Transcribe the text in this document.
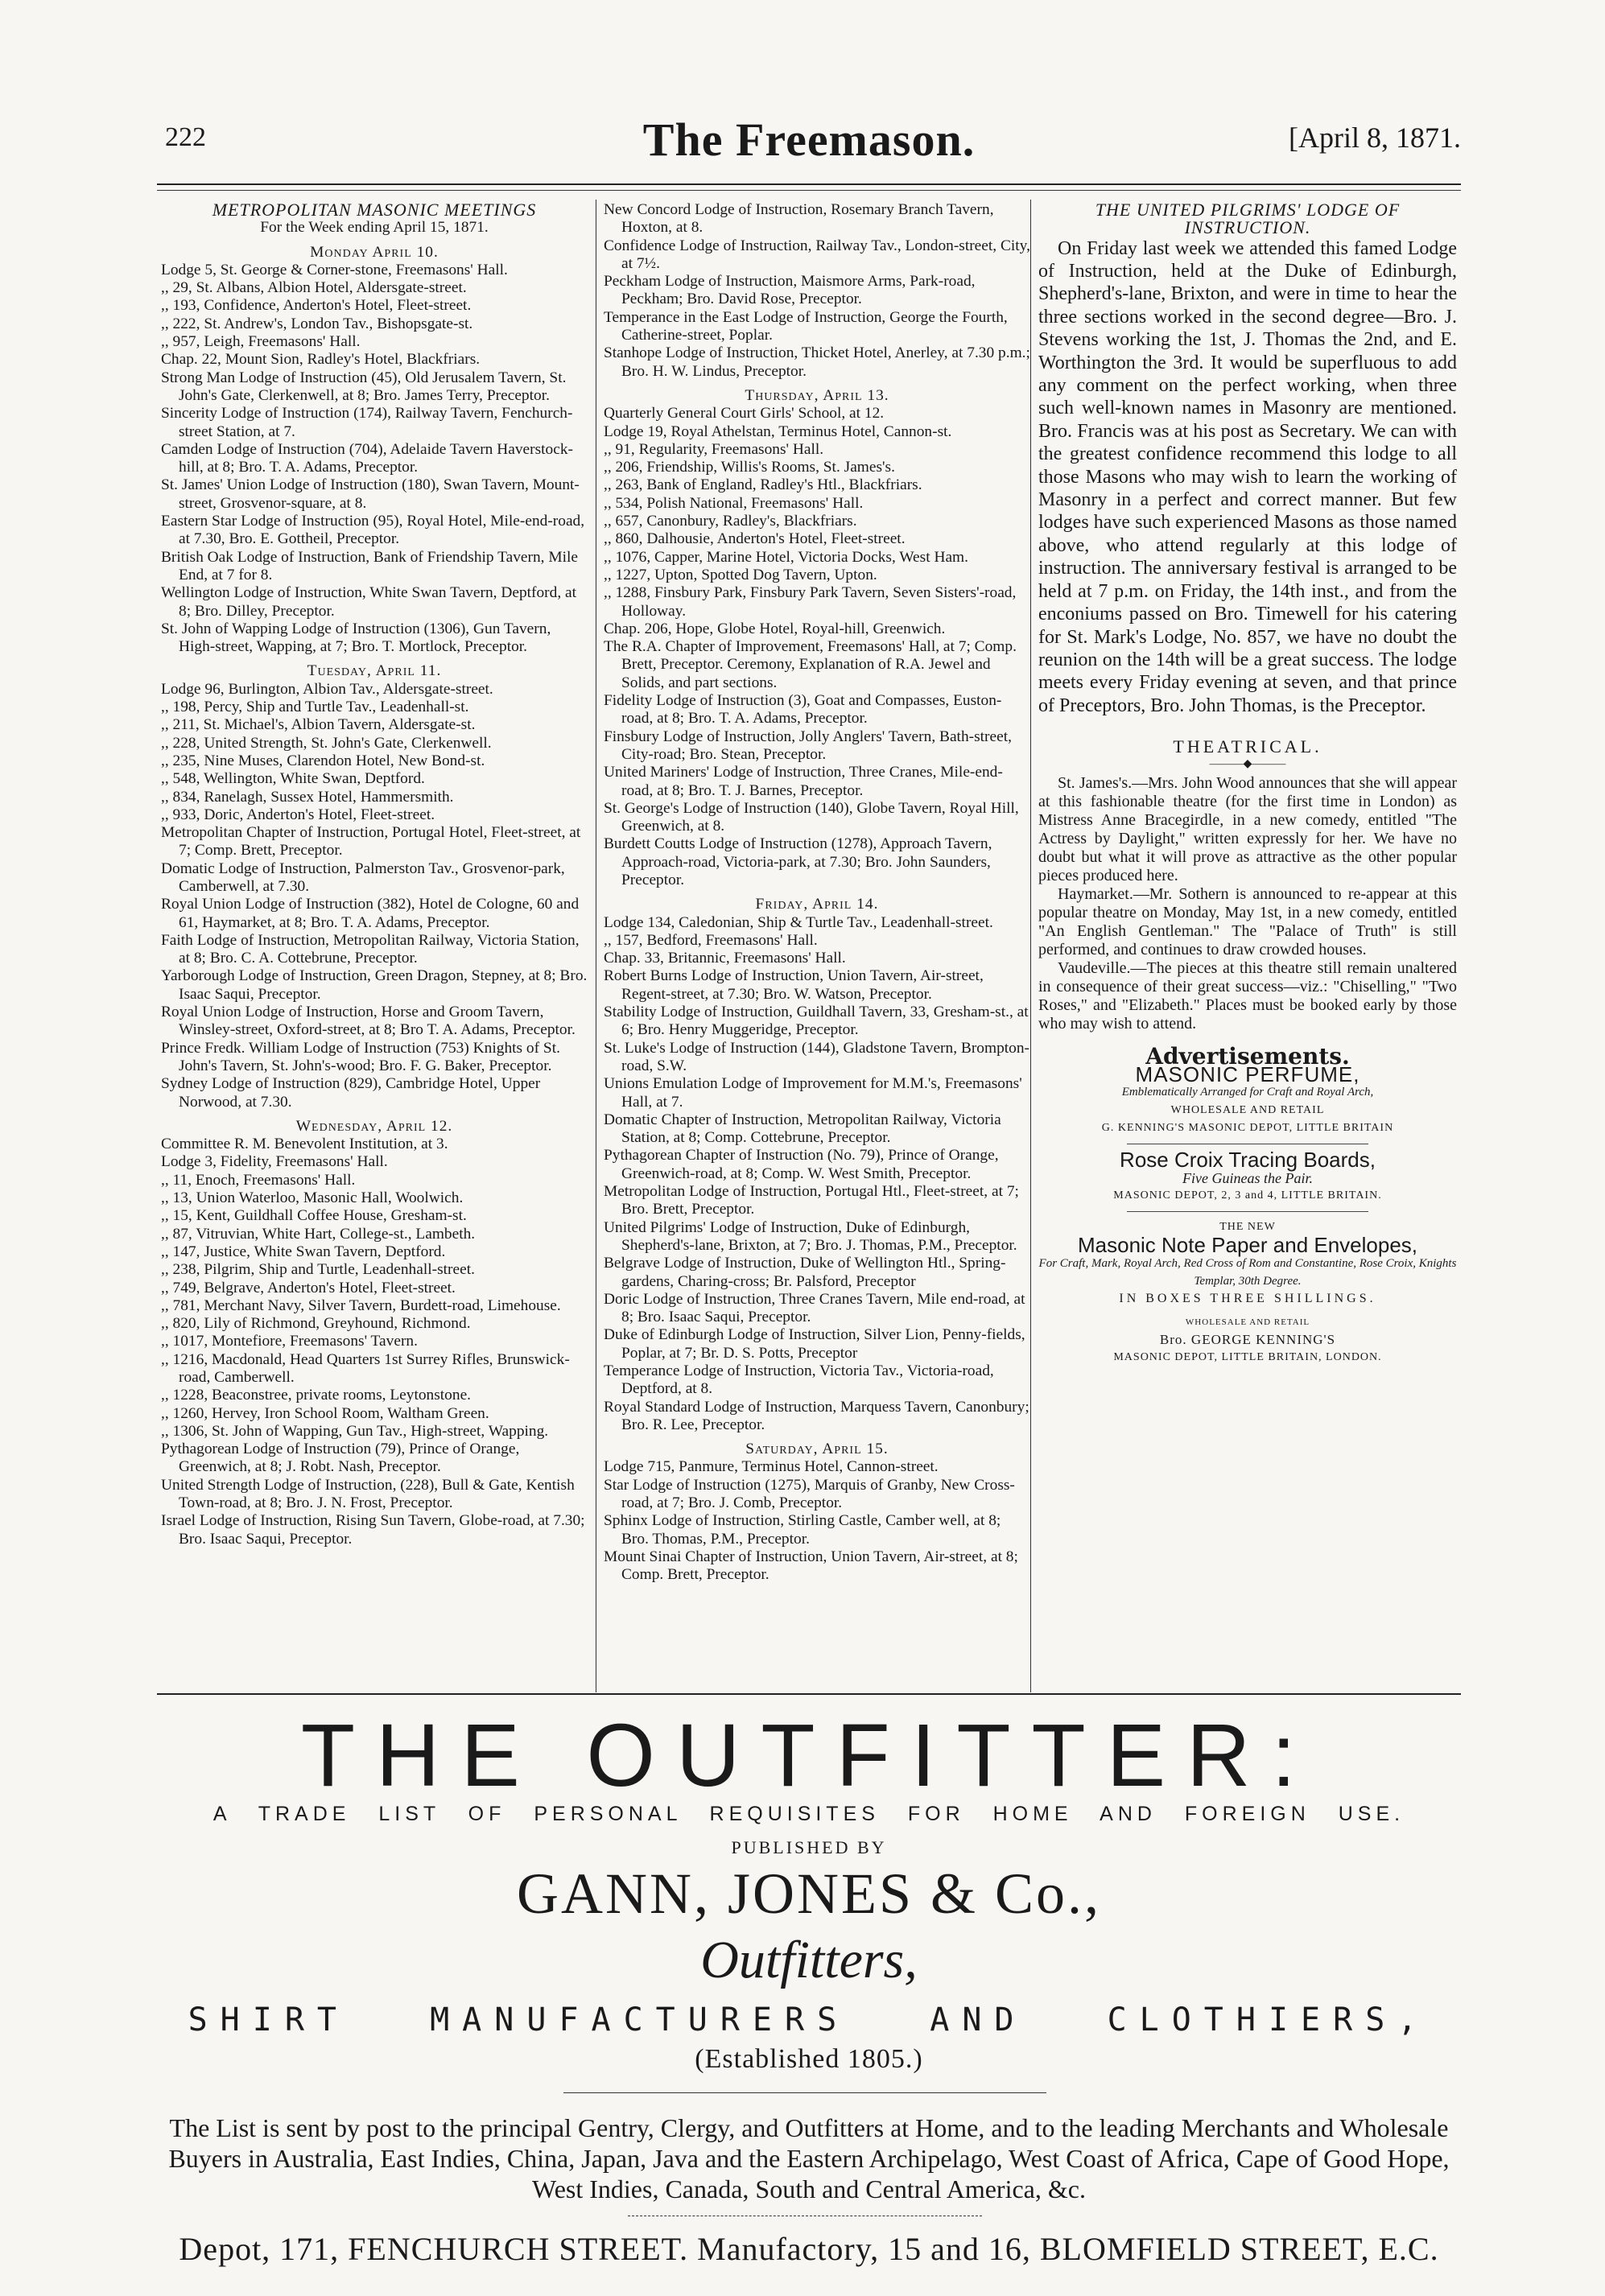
222	The Freemason.	[April 8, 1871.
METROPOLITAN MASONIC MEETINGS
For the Week ending April 15, 1871.
Monday April 10.

Lodge 5, St. George & Corner-stone, Freemasons' Hall.

,, 29, St. Albans, Albion Hotel, Aldersgate-street.

,, 193, Confidence, Anderton's Hotel, Fleet-street.

,, 222, St. Andrew's, London Tav., Bishopsgate-st.

,, 957, Leigh, Freemasons' Hall.

Chap. 22, Mount Sion, Radley's Hotel, Blackfriars.

Strong Man Lodge of Instruction (45), Old Jerusalem Tavern, St. John's Gate, Clerkenwell, at 8; Bro. James Terry, Preceptor.

Sincerity Lodge of Instruction (174), Railway Tavern, Fenchurch-street Station, at 7.

Camden Lodge of Instruction (704), Adelaide Tavern Haverstock-hill, at 8; Bro. T. A. Adams, Preceptor.

St. James' Union Lodge of Instruction (180), Swan Tavern, Mount-street, Grosvenor-square, at 8.

Eastern Star Lodge of Instruction (95), Royal Hotel, Mile-end-road, at 7.30, Bro. E. Gottheil, Preceptor.

British Oak Lodge of Instruction, Bank of Friendship Tavern, Mile End, at 7 for 8.

Wellington Lodge of Instruction, White Swan Tavern, Deptford, at 8; Bro. Dilley, Preceptor.

St. John of Wapping Lodge of Instruction (1306), Gun Tavern, High-street, Wapping, at 7; Bro. T. Mortlock, Preceptor.

Tuesday, April 11.

Lodge 96, Burlington, Albion Tav., Aldersgate-street.

,, 198, Percy, Ship and Turtle Tav., Leadenhall-st.

,, 211, St. Michael's, Albion Tavern, Aldersgate-st.

,, 228, United Strength, St. John's Gate, Clerkenwell.

,, 235, Nine Muses, Clarendon Hotel, New Bond-st.

,, 548, Wellington, White Swan, Deptford.

,, 834, Ranelagh, Sussex Hotel, Hammersmith.

,, 933, Doric, Anderton's Hotel, Fleet-street.

Metropolitan Chapter of Instruction, Portugal Hotel, Fleet-street, at 7; Comp. Brett, Preceptor.

Domatic Lodge of Instruction, Palmerston Tav., Grosvenor-park, Camberwell, at 7.30.

Royal Union Lodge of Instruction (382), Hotel de Cologne, 60 and 61, Haymarket, at 8; Bro. T. A. Adams, Preceptor.

Faith Lodge of Instruction, Metropolitan Railway, Victoria Station, at 8; Bro. C. A. Cottebrune, Preceptor.

Yarborough Lodge of Instruction, Green Dragon, Stepney, at 8; Bro. Isaac Saqui, Preceptor.

Royal Union Lodge of Instruction, Horse and Groom Tavern, Winsley-street, Oxford-street, at 8; Bro T. A. Adams, Preceptor.

Prince Fredk. William Lodge of Instruction (753) Knights of St. John's Tavern, St. John's-wood; Bro. F. G. Baker, Preceptor.

Sydney Lodge of Instruction (829), Cambridge Hotel, Upper Norwood, at 7.30.

Wednesday, April 12.

Committee R. M. Benevolent Institution, at 3.

Lodge 3, Fidelity, Freemasons' Hall.

,, 11, Enoch, Freemasons' Hall.

,, 13, Union Waterloo, Masonic Hall, Woolwich.

,, 15, Kent, Guildhall Coffee House, Gresham-st.

,, 87, Vitruvian, White Hart, College-st., Lambeth.

,, 147, Justice, White Swan Tavern, Deptford.

,, 238, Pilgrim, Ship and Turtle, Leadenhall-street.

,, 749, Belgrave, Anderton's Hotel, Fleet-street.

,, 781, Merchant Navy, Silver Tavern, Burdett-road, Limehouse.

,, 820, Lily of Richmond, Greyhound, Richmond.

,, 1017, Montefiore, Freemasons' Tavern.

,, 1216, Macdonald, Head Quarters 1st Surrey Rifles, Brunswick-road, Camberwell.

,, 1228, Beaconstree, private rooms, Leytonstone.

,, 1260, Hervey, Iron School Room, Waltham Green.

,, 1306, St. John of Wapping, Gun Tav., High-street, Wapping.

Pythagorean Lodge of Instruction (79), Prince of Orange, Greenwich, at 8; J. Robt. Nash, Preceptor.

United Strength Lodge of Instruction, (228), Bull & Gate, Kentish Town-road, at 8; Bro. J. N. Frost, Preceptor.

Israel Lodge of Instruction, Rising Sun Tavern, Globe-road, at 7.30; Bro. Isaac Saqui, Preceptor.

New Concord Lodge of Instruction, Rosemary Branch Tavern, Hoxton, at 8.

Confidence Lodge of Instruction, Railway Tav., London-street, City, at 7½.

Peckham Lodge of Instruction, Maismore Arms, Park-road, Peckham; Bro. David Rose, Preceptor.

Temperance in the East Lodge of Instruction, George the Fourth, Catherine-street, Poplar.

Stanhope Lodge of Instruction, Thicket Hotel, Anerley, at 7.30 p.m.; Bro. H. W. Lindus, Preceptor.

Thursday, April 13.

Quarterly General Court Girls' School, at 12.

Lodge 19, Royal Athelstan, Terminus Hotel, Cannon-st.

,, 91, Regularity, Freemasons' Hall.

,, 206, Friendship, Willis's Rooms, St. James's.

,, 263, Bank of England, Radley's Htl., Blackfriars.

,, 534, Polish National, Freemasons' Hall.

,, 657, Canonbury, Radley's, Blackfriars.

,, 860, Dalhousie, Anderton's Hotel, Fleet-street.

,, 1076, Capper, Marine Hotel, Victoria Docks, West Ham.

,, 1227, Upton, Spotted Dog Tavern, Upton.

,, 1288, Finsbury Park, Finsbury Park Tavern, Seven Sisters'-road, Holloway.

Chap. 206, Hope, Globe Hotel, Royal-hill, Greenwich.

The R.A. Chapter of Improvement, Freemasons' Hall, at 7; Comp. Brett, Preceptor. Ceremony, Explanation of R.A. Jewel and Solids, and part sections.

Fidelity Lodge of Instruction (3), Goat and Compasses, Euston-road, at 8; Bro. T. A. Adams, Preceptor.

Finsbury Lodge of Instruction, Jolly Anglers' Tavern, Bath-street, City-road; Bro. Stean, Preceptor.

United Mariners' Lodge of Instruction, Three Cranes, Mile-end-road, at 8; Bro. T. J. Barnes, Preceptor.

St. George's Lodge of Instruction (140), Globe Tavern, Royal Hill, Greenwich, at 8.

Burdett Coutts Lodge of Instruction (1278), Approach Tavern, Approach-road, Victoria-park, at 7.30; Bro. John Saunders, Preceptor.

Friday, April 14.

Lodge 134, Caledonian, Ship & Turtle Tav., Leadenhall-street.

,, 157, Bedford, Freemasons' Hall.

Chap. 33, Britannic, Freemasons' Hall.

Robert Burns Lodge of Instruction, Union Tavern, Air-street, Regent-street, at 7.30; Bro. W. Watson, Preceptor.

Stability Lodge of Instruction, Guildhall Tavern, 33, Gresham-st., at 6; Bro. Henry Muggeridge, Preceptor.

St. Luke's Lodge of Instruction (144), Gladstone Tavern, Brompton-road, S.W.

Unions Emulation Lodge of Improvement for M.M.'s, Freemasons' Hall, at 7.

Domatic Chapter of Instruction, Metropolitan Railway, Victoria Station, at 8; Comp. Cottebrune, Preceptor.

Pythagorean Chapter of Instruction (No. 79), Prince of Orange, Greenwich-road, at 8; Comp. W. West Smith, Preceptor.

Metropolitan Lodge of Instruction, Portugal Htl., Fleet-street, at 7; Bro. Brett, Preceptor.

United Pilgrims' Lodge of Instruction, Duke of Edinburgh, Shepherd's-lane, Brixton, at 7; Bro. J. Thomas, P.M., Preceptor.

Belgrave Lodge of Instruction, Duke of Wellington Htl., Spring-gardens, Charing-cross; Br. Palsford, Preceptor

Doric Lodge of Instruction, Three Cranes Tavern, Mile end-road, at 8; Bro. Isaac Saqui, Preceptor.

Duke of Edinburgh Lodge of Instruction, Silver Lion, Penny-fields, Poplar, at 7; Br. D. S. Potts, Preceptor

Temperance Lodge of Instruction, Victoria Tav., Victoria-road, Deptford, at 8.

Royal Standard Lodge of Instruction, Marquess Tavern, Canonbury; Bro. R. Lee, Preceptor.

Saturday, April 15.

Lodge 715, Panmure, Terminus Hotel, Cannon-street.

Star Lodge of Instruction (1275), Marquis of Granby, New Cross-road, at 7; Bro. J. Comb, Preceptor.

Sphinx Lodge of Instruction, Stirling Castle, Camber well, at 8; Bro. Thomas, P.M., Preceptor.

Mount Sinai Chapter of Instruction, Union Tavern, Air-street, at 8; Comp. Brett, Preceptor.

THE UNITED PILGRIMS' LODGE OF INSTRUCTION.
On Friday last week we attended this famed Lodge of Instruction, held at the Duke of Edinburgh, Shepherd's-lane, Brixton, and were in time to hear the three sections worked in the second degree—Bro. J. Stevens working the 1st, J. Thomas the 2nd, and E. Worthington the 3rd. It would be superfluous to add any comment on the perfect working, when three such well-known names in Masonry are mentioned. Bro. Francis was at his post as Secretary. We can with the greatest confidence recommend this lodge to all those Masons who may wish to learn the working of Masonry in a perfect and correct manner. But few lodges have such experienced Masons as those named above, who attend regularly at this lodge of instruction. The anniversary festival is arranged to be held at 7 p.m. on Friday, the 14th inst., and from the enconiums passed on Bro. Timewell for his catering for St. Mark's Lodge, No. 857, we have no doubt the reunion on the 14th will be a great success. The lodge meets every Friday evening at seven, and that prince of Preceptors, Bro. John Thomas, is the Preceptor.
THEATRICAL.
———◆———
St. James's.—Mrs. John Wood announces that she will appear at this fashionable theatre (for the first time in London) as Mistress Anne Bracegirdle, in a new comedy, entitled "The Actress by Daylight," written expressly for her. We have no doubt but what it will prove as attractive as the other popular pieces produced here.
Haymarket.—Mr. Sothern is announced to re-appear at this popular theatre on Monday, May 1st, in a new comedy, entitled "An English Gentleman." The "Palace of Truth" is still performed, and continues to draw crowded houses.
Vaudeville.—The pieces at this theatre still remain unaltered in consequence of their great success—viz.: "Chiselling," "Two Roses," and "Elizabeth." Places must be booked early by those who may wish to attend.
Advertisements.
MASONIC PERFUME,
Emblematically Arranged for Craft and Royal Arch,
WHOLESALE AND RETAIL
G. KENNING'S MASONIC DEPOT, LITTLE BRITAIN
Rose Croix Tracing Boards,
Five Guineas the Pair.
MASONIC DEPOT, 2, 3 and 4, LITTLE BRITAIN.
THE NEW
Masonic Note Paper and Envelopes,
For Craft, Mark, Royal Arch, Red Cross of Rom and Constantine, Rose Croix, Knights Templar, 30th Degree.
IN BOXES THREE SHILLINGS.
WHOLESALE AND RETAIL
Bro. GEORGE KENNING'S
MASONIC DEPOT, LITTLE BRITAIN, LONDON.
THE OUTFITTER:
A TRADE LIST OF PERSONAL REQUISITES FOR HOME AND FOREIGN USE.
PUBLISHED BY
GANN, JONES & Co.,
Outfitters,
SHIRT MANUFACTURERS AND CLOTHIERS,
(Established 1805.)
The List is sent by post to the principal Gentry, Clergy, and Outfitters at Home, and to the leading Merchants and Wholesale Buyers in Australia, East Indies, China, Japan, Java and the Eastern Archipelago, West Coast of Africa, Cape of Good Hope, West Indies, Canada, South and Central America, &c.
Depot, 171, FENCHURCH STREET. Manufactory, 15 and 16, BLOMFIELD STREET, E.C.
